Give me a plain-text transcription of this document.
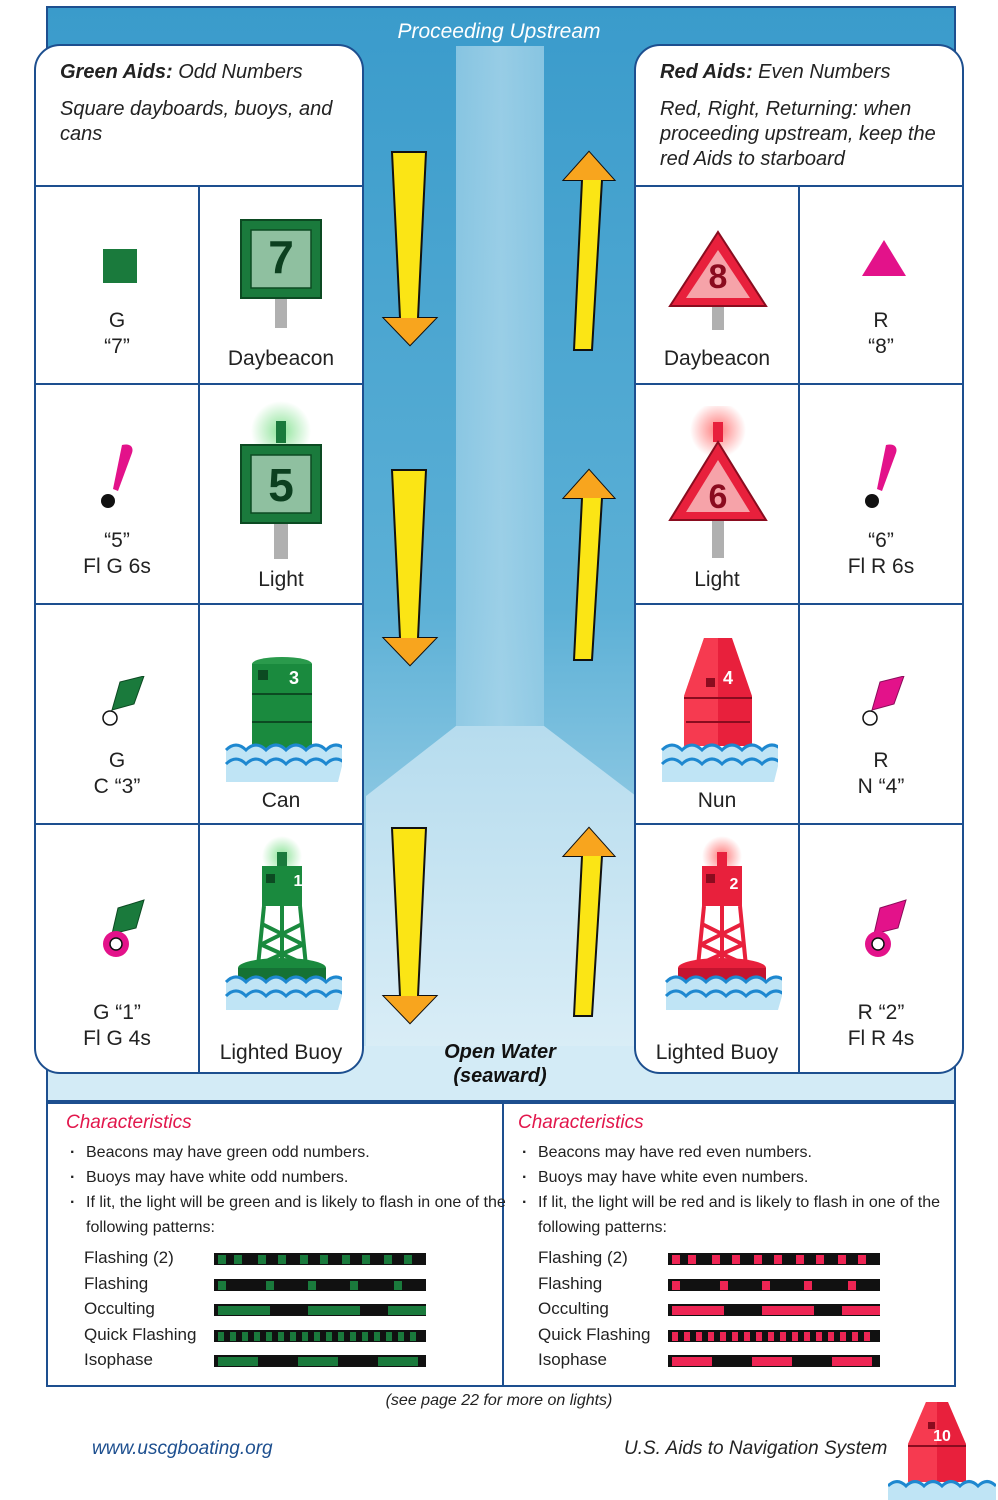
Proceeding Upstream
Green Aids: Odd Numbers
Square dayboards, buoys, and cans
G
“7”
7
Daybeacon
“5”
Fl G 6s
5
Light
G
C “3”
3
Can
G “1”
Fl G 4s
1
Lighted Buoy
Red Aids: Even Numbers
Red, Right, Returning: when proceeding upstream, keep the red Aids to starboard
8
Daybeacon
R
“8”
6
Light
“6”
Fl R 6s
4
Nun
R
N “4”
2
Lighted Buoy
R “2”
Fl R 4s
Open Water
(seaward)
Characteristics
· Beacons may have green odd numbers.
· Buoys may have white odd numbers.
· If lit, the light will be green and is likely to flash in one of the following patterns:
Characteristics
· Beacons may have red even numbers.
· Buoys may have white even numbers.
· If lit, the light will be red and is likely to flash in one of the following patterns:
Flashing (2)
Flashing
Occulting
Quick Flashing
Isophase
Flashing (2)
Flashing
Occulting
Quick Flashing
Isophase
(see page 22 for more on lights)
www.uscgboating.org	U.S. Aids to Navigation System
10
